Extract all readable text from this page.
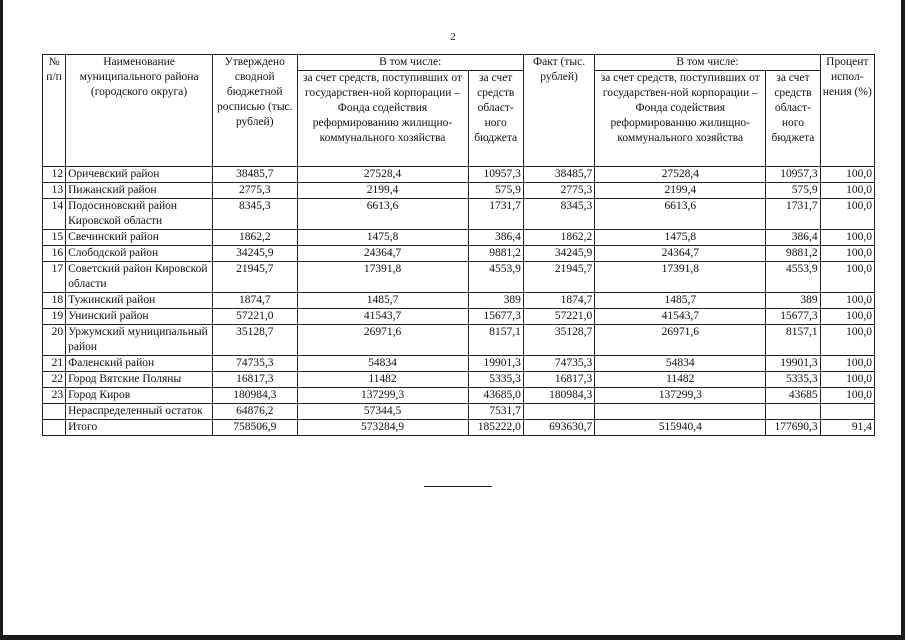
2
№ п/п	Наименование муниципального района (городского округа)	Утверждено сводной бюджетной росписью (тыс. рублей)	В том числе:		Факт (тыс. рублей)	В том числе:		Процент испол-нения (%)
			за счет средств, поступивших от государствен-ной корпорации – Фонда содействия реформированию жилищно-коммунального хозяйства	за счет средств област-ного бюджета		за счет средств, поступивших от государствен-ной корпорации – Фонда содействия реформированию жилищно-коммунального хозяйства	за счет средств област-ного бюджета	
12	Оричевский район	38485,7	27528,4	10957,3	38485,7	27528,4	10957,3	100,0
13	Пижанский район	2775,3	2199,4	575,9	2775,3	2199,4	575,9	100,0
14	Подосиновский район Кировской области	8345,3	6613,6	1731,7	8345,3	6613,6	1731,7	100,0
15	Свечинский район	1862,2	1475,8	386,4	1862,2	1475,8	386,4	100,0
16	Слободской район	34245,9	24364,7	9881,2	34245,9	24364,7	9881,2	100,0
17	Советский район Кировской области	21945,7	17391,8	4553,9	21945,7	17391,8	4553,9	100,0
18	Тужинский район	1874,7	1485,7	389	1874,7	1485,7	389	100,0
19	Унинский район	57221,0	41543,7	15677,3	57221,0	41543,7	15677,3	100,0
20	Уржумский муниципальный район	35128,7	26971,6	8157,1	35128,7	26971,6	8157,1	100,0
21	Фаленский район	74735,3	54834	19901,3	74735,3	54834	19901,3	100,0
22	Город Вятские Поляны	16817,3	11482	5335,3	16817,3	11482	5335,3	100,0
23	Город Киров	180984,3	137299,3	43685,0	180984,3	137299,3	43685	100,0
	Нераспределенный остаток	64876,2	57344,5	7531,7				
	Итого	758506,9	573284,9	185222,0	693630,7	515940,4	177690,3	91,4
